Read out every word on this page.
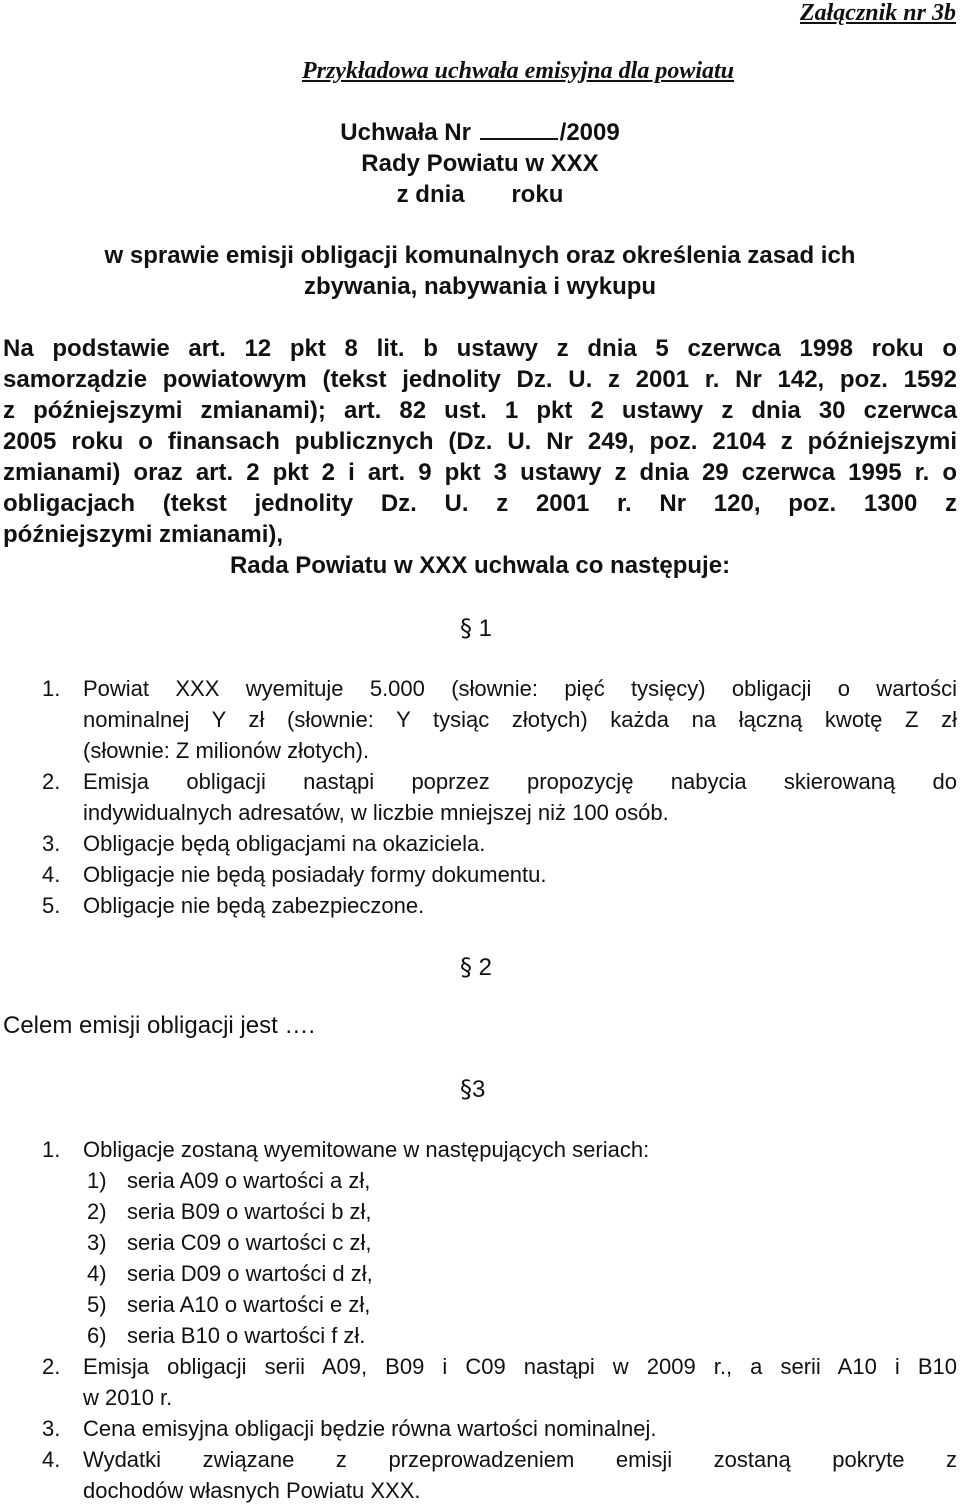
Załącznik nr 3b
Przykładowa uchwała emisyjna dla powiatu
Uchwała Nr	/2009
Rady Powiatu w XXX
z dnia roku
w sprawie emisji obligacji komunalnych oraz określenia zasad ich
zbywania, nabywania i wykupu
Na podstawie art. 12 pkt 8 lit. b ustawy z dnia 5 czerwca 1998 roku o
samorządzie powiatowym (tekst jednolity Dz. U. z 2001 r. Nr 142, poz. 1592
z późniejszymi zmianami); art. 82 ust. 1 pkt 2 ustawy z dnia 30 czerwca
2005 roku o finansach publicznych (Dz. U. Nr 249, poz. 2104 z późniejszymi
zmianami) oraz art. 2 pkt 2 i art. 9 pkt 3 ustawy z dnia 29 czerwca 1995 r. o
obligacjach (tekst jednolity Dz. U. z 2001 r. Nr 120, poz. 1300 z
późniejszymi zmianami),
Rada Powiatu w XXX uchwala co następuje:
§ 1
1. Powiat XXX wyemituje 5.000 (słownie: pięć tysięcy) obligacji o wartości
nominalnej Y zł (słownie: Y tysiąc złotych) każda na łączną kwotę Z zł
(słownie: Z milionów złotych).
2. Emisja obligacji nastąpi poprzez propozycję nabycia skierowaną do
indywidualnych adresatów, w liczbie mniejszej niż 100 osób.
3. Obligacje będą obligacjami na okaziciela.
4. Obligacje nie będą posiadały formy dokumentu.
5. Obligacje nie będą zabezpieczone.
§ 2
Celem emisji obligacji jest ….
§3
1. Obligacje zostaną wyemitowane w następujących seriach:
1) seria A09 o wartości a zł,
2) seria B09 o wartości b zł,
3) seria C09 o wartości c zł,
4) seria D09 o wartości d zł,
5) seria A10 o wartości e zł,
6) seria B10 o wartości f zł.
2. Emisja obligacji serii A09, B09 i C09 nastąpi w 2009 r., a serii A10 i B10
w 2010 r.
3. Cena emisyjna obligacji będzie równa wartości nominalnej.
4. Wydatki związane z przeprowadzeniem emisji zostaną pokryte z
dochodów własnych Powiatu XXX.
